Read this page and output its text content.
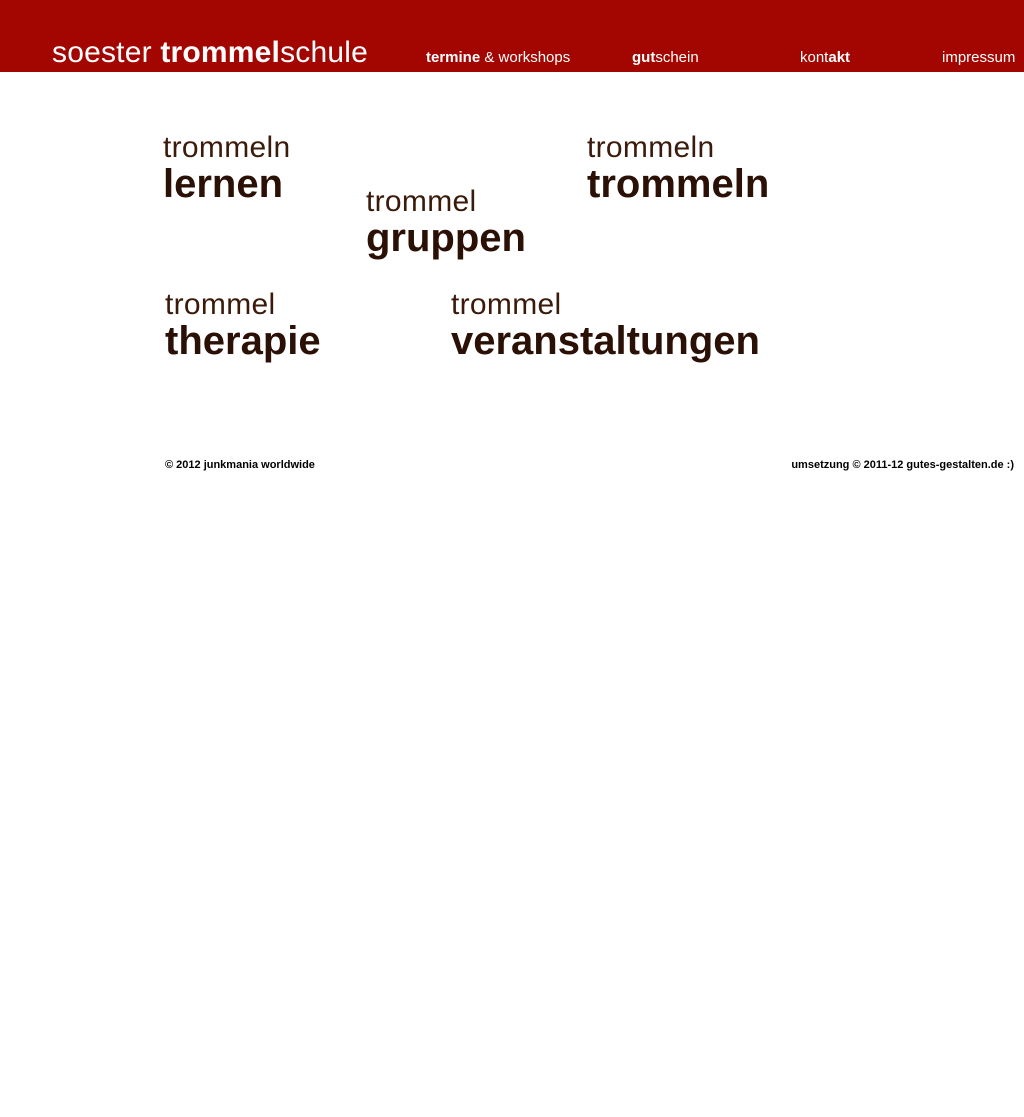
soester trommelschule	termine & workshops	gutschein	kontakt	impressum
trommeln
lernen	trommel
gruppen
trommeln
trommeln
trommel
therapie
trommel
veranstaltungen
© 2012 junkmania worldwide	umsetzung © 2011-12 gutes-gestalten.de :)
